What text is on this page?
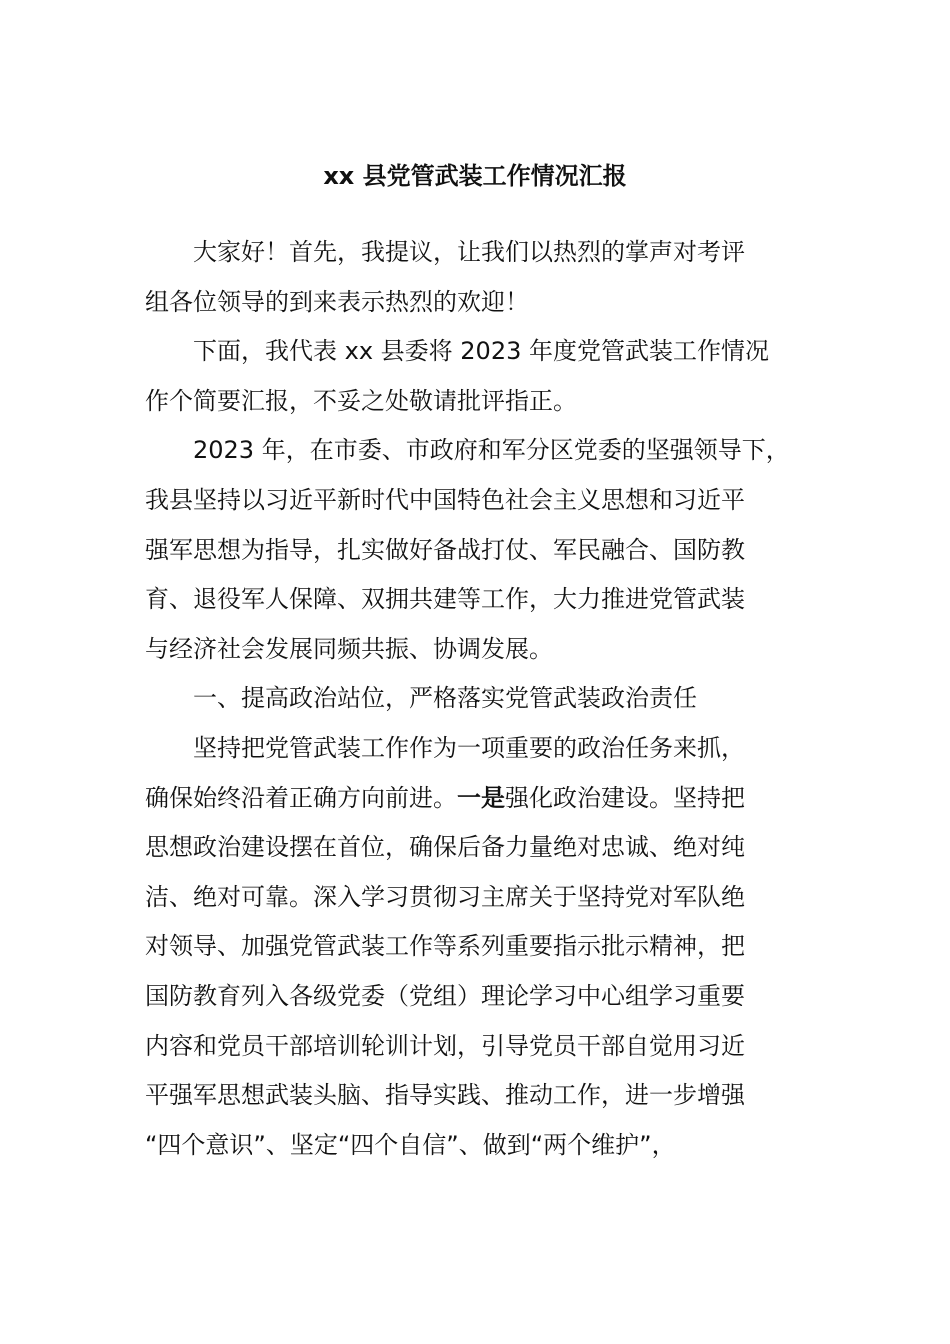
xx 县党管武装工作情况汇报
大家好！首先，我提议，让我们以热烈的掌声对考评
组各位领导的到来表示热烈的欢迎！
下面，我代表 xx 县委将 2023 年度党管武装工作情况
作个简要汇报，不妥之处敬请批评指正。
2023 年，在市委、市政府和军分区党委的坚强领导下，
我县坚持以习近平新时代中国特色社会主义思想和习近平
强军思想为指导，扎实做好备战打仗、军民融合、国防教
育、退役军人保障、双拥共建等工作，大力推进党管武装
与经济社会发展同频共振、协调发展。
一、提高政治站位，严格落实党管武装政治责任
坚持把党管武装工作作为一项重要的政治任务来抓，
确保始终沿着正确方向前进。一是强化政治建设。坚持把
思想政治建设摆在首位，确保后备力量绝对忠诚、绝对纯
洁、绝对可靠。深入学习贯彻习主席关于坚持党对军队绝
对领导、加强党管武装工作等系列重要指示批示精神，把
国防教育列入各级党委（党组）理论学习中心组学习重要
内容和党员干部培训轮训计划，引导党员干部自觉用习近
平强军思想武装头脑、指导实践、推动工作，进一步增强
“四个意识”、坚定“四个自信”、做到“两个维护”，
